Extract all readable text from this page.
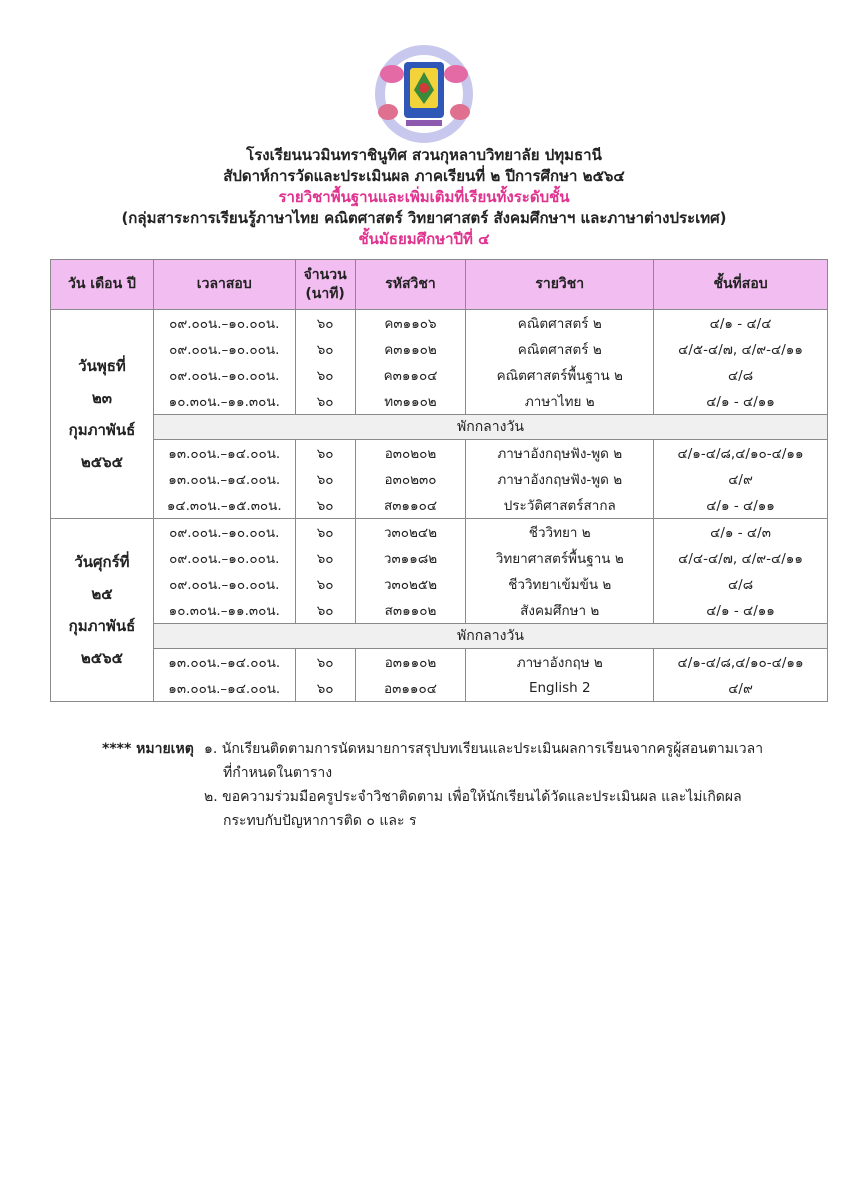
โรงเรียนนวมินทราชินูทิศ สวนกุหลาบวิทยาลัย ปทุมธานี
สัปดาห์การวัดและประเมินผล ภาคเรียนที่ ๒ ปีการศึกษา ๒๕๖๔
รายวิชาพื้นฐานและเพิ่มเติมที่เรียนทั้งระดับชั้น
(กลุ่มสาระการเรียนรู้ภาษาไทย คณิตศาสตร์ วิทยาศาสตร์ สังคมศึกษาฯ และภาษาต่างประเทศ)
ชั้นมัธยมศึกษาปีที่ ๔
วัน เดือน ปี	เวลาสอบ	จำนวน
(นาที)	รหัสวิชา	รายวิชา	ชั้นที่สอบ

วันพุธที่
๒๓
กุมภาพันธ์
๒๕๖๕	๐๙.๐๐น.–๑๐.๐๐น.	๖๐	ค๓๑๑๐๖	คณิตศาสตร์ ๒	๔/๑ - ๔/๔
	๐๙.๐๐น.–๑๐.๐๐น.	๖๐	ค๓๑๑๐๒	คณิตศาสตร์ ๒	๔/๕-๔/๗, ๔/๙-๔/๑๑
	๐๙.๐๐น.–๑๐.๐๐น.	๖๐	ค๓๑๑๐๔	คณิตศาสตร์พื้นฐาน ๒	๔/๘
	๑๐.๓๐น.–๑๑.๓๐น.	๖๐	ท๓๑๑๐๒	ภาษาไทย ๒	๔/๑ - ๔/๑๑
	พักกลางวัน				
	๑๓.๐๐น.–๑๔.๐๐น.	๖๐	อ๓๐๒๐๒	ภาษาอังกฤษฟัง-พูด ๒	๔/๑-๔/๘,๔/๑๐-๔/๑๑
	๑๓.๐๐น.–๑๔.๐๐น.	๖๐	อ๓๐๒๓๐	ภาษาอังกฤษฟัง-พูด ๒	๔/๙
	๑๔.๓๐น.–๑๕.๓๐น.	๖๐	ส๓๑๑๐๔	ประวัติศาสตร์สากล	๔/๑ - ๔/๑๑

วันศุกร์ที่
๒๕
กุมภาพันธ์
๒๕๖๕	๐๙.๐๐น.–๑๐.๐๐น.	๖๐	ว๓๐๒๔๒	ชีววิทยา ๒	๔/๑ - ๔/๓
	๐๙.๐๐น.–๑๐.๐๐น.	๖๐	ว๓๑๑๘๒	วิทยาศาสตร์พื้นฐาน ๒	๔/๔-๔/๗, ๔/๙-๔/๑๑
	๐๙.๐๐น.–๑๐.๐๐น.	๖๐	ว๓๐๒๕๒	ชีววิทยาเข้มข้น ๒	๔/๘
	๑๐.๓๐น.–๑๑.๓๐น.	๖๐	ส๓๑๑๐๒	สังคมศึกษา ๒	๔/๑ - ๔/๑๑
	พักกลางวัน				
	๑๓.๐๐น.–๑๔.๐๐น.	๖๐	อ๓๑๑๐๒	ภาษาอังกฤษ ๒	๔/๑-๔/๘,๔/๑๐-๔/๑๑
	๑๓.๐๐น.–๑๔.๐๐น.	๖๐	อ๓๑๑๐๔	English 2	๔/๙
**** หมายเหตุ ๑. นักเรียนติดตามการนัดหมายการสรุปบทเรียนและประเมินผลการเรียนจากครูผู้สอนตามเวลา
ที่กำหนดในตาราง
๒. ขอความร่วมมือครูประจำวิชาติดตาม เพื่อให้นักเรียนได้วัดและประเมินผล และไม่เกิดผล
กระทบกับปัญหาการติด ๐ และ ร
